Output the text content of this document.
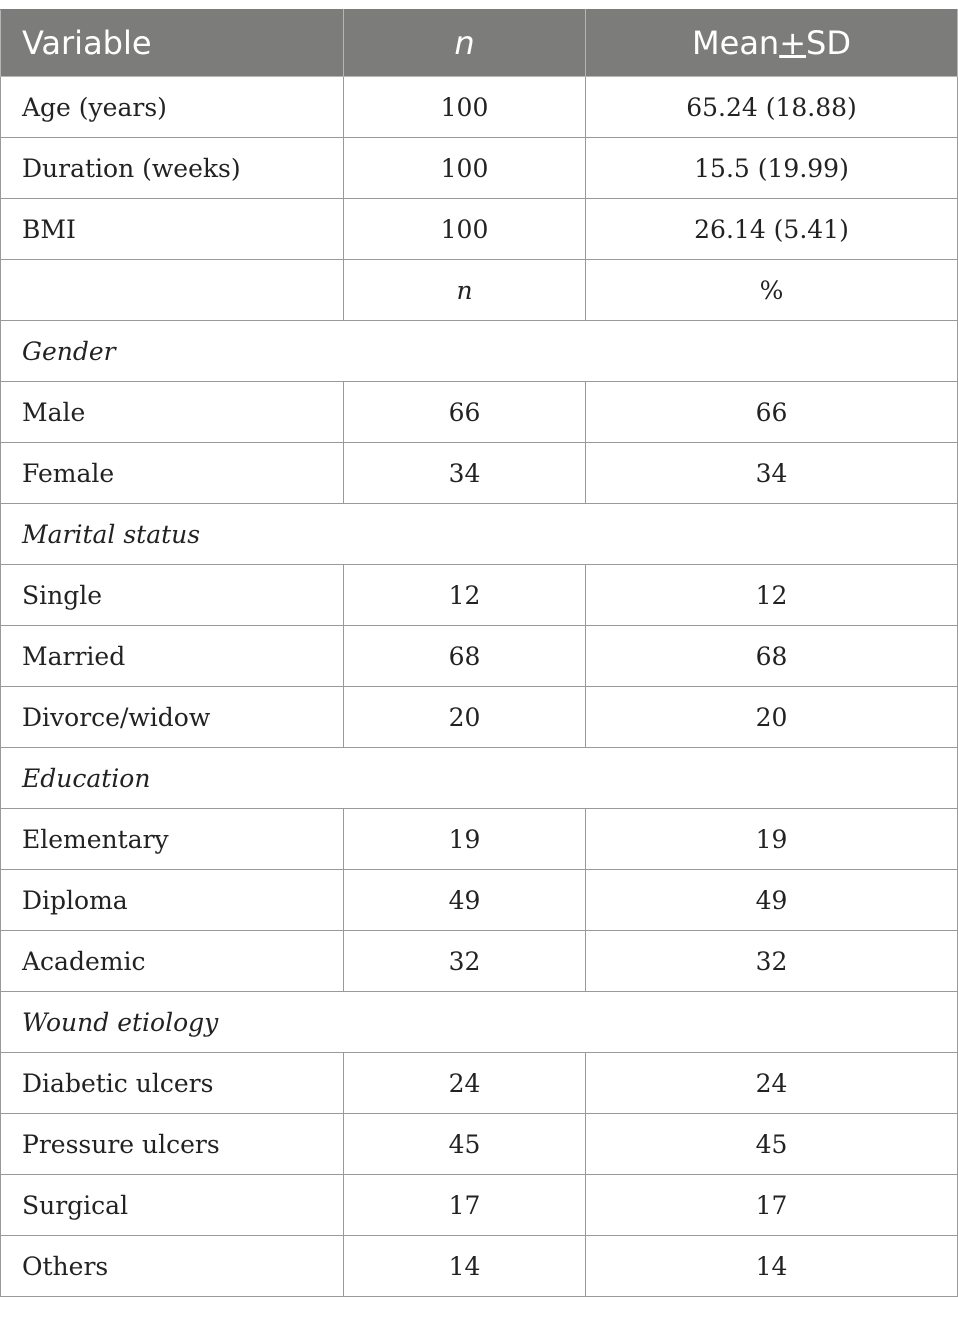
Variable	n	Mean+SD
Age (years)	100	65.24 (18.88)
Duration (weeks)	100	15.5 (19.99)
BMI	100	26.14 (5.41)
	n	%
Gender		
Male	66	66
Female	34	34
Marital status		
Single	12	12
Married	68	68
Divorce/widow	20	20
Education		
Elementary	19	19
Diploma	49	49
Academic	32	32
Wound etiology		
Diabetic ulcers	24	24
Pressure ulcers	45	45
Surgical	17	17
Others	14	14
